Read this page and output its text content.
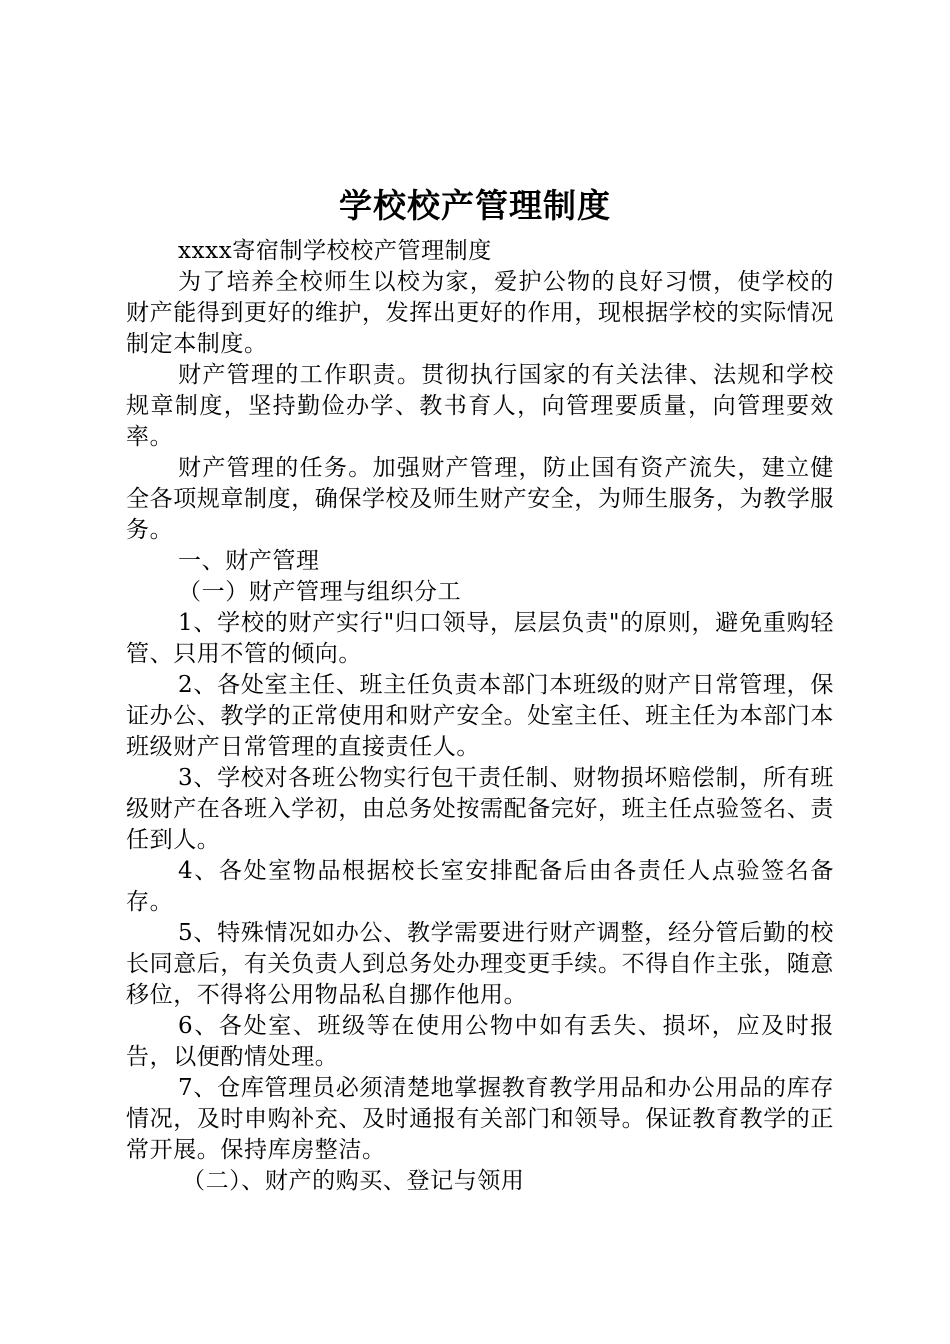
学校校产管理制度

xxxx寄宿制学校校产管理制度

为了培养全校师生以校为家，爱护公物的良好习惯，使学校的财产能得到更好的维护，发挥出更好的作用，现根据学校的实际情况制定本制度。

财产管理的工作职责。贯彻执行国家的有关法律、法规和学校规章制度，坚持勤俭办学、教书育人，向管理要质量，向管理要效率。

财产管理的任务。加强财产管理，防止国有资产流失，建立健全各项规章制度，确保学校及师生财产安全，为师生服务，为教学服务。

一、财产管理

（一）财产管理与组织分工

1、学校的财产实行"归口领导，层层负责"的原则，避免重购轻管、只用不管的倾向。

2、各处室主任、班主任负责本部门本班级的财产日常管理，保证办公、教学的正常使用和财产安全。处室主任、班主任为本部门本班级财产日常管理的直接责任人。

3、学校对各班公物实行包干责任制、财物损坏赔偿制，所有班级财产在各班入学初，由总务处按需配备完好，班主任点验签名、责任到人。

4、各处室物品根据校长室安排配备后由各责任人点验签名备存。

5、特殊情况如办公、教学需要进行财产调整，经分管后勤的校长同意后，有关负责人到总务处办理变更手续。不得自作主张，随意移位，不得将公用物品私自挪作他用。

6、各处室、班级等在使用公物中如有丢失、损坏，应及时报告，以便酌情处理。

7、仓库管理员必须清楚地掌握教育教学用品和办公用品的库存情况，及时申购补充、及时通报有关部门和领导。保证教育教学的正常开展。保持库房整洁。

（二）、财产的购买、登记与领用
